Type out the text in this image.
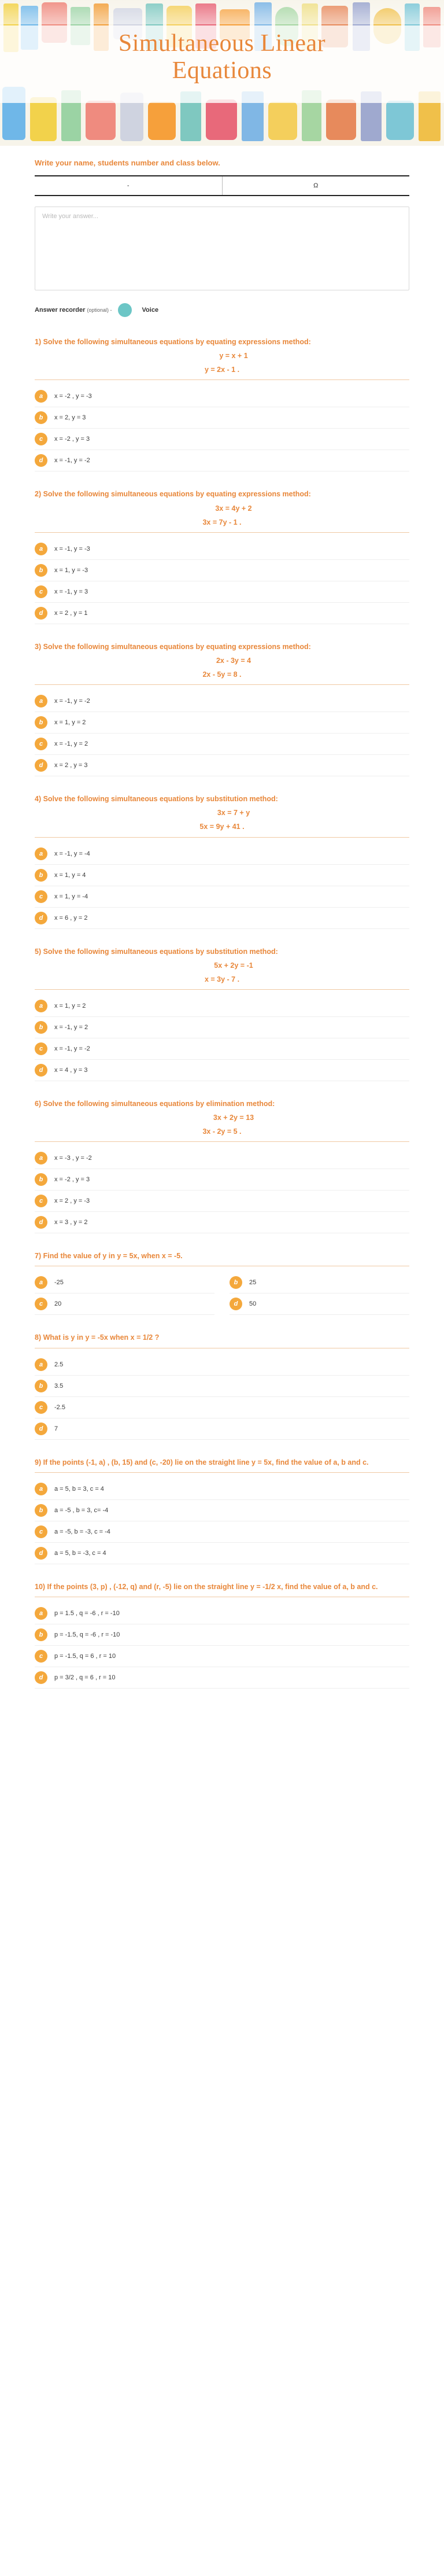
Simultaneous Linear
Equations
Write your name, students number and class below.
-	Ω
Write your answer...
Answer recorder (optional) -	Voice
1) Solve the following simultaneous equations by equating expressions method:
y = x + 1
y = 2x - 1 .
a	x = -2 , y = -3
b	x = 2, y = 3
c	x = -2 , y = 3
d	x = -1, y = -2
2) Solve the following simultaneous equations by equating expressions method:
3x = 4y + 2
3x = 7y - 1 .
a	x = -1, y = -3
b	x = 1, y = -3
c	x = -1, y = 3
d	x = 2 , y = 1
3) Solve the following simultaneous equations by equating expressions method:
2x - 3y = 4
2x - 5y = 8 .
a	x = -1, y = -2
b	x = 1, y = 2
c	x = -1, y = 2
d	x = 2 , y = 3
4) Solve the following simultaneous equations by substitution method:
3x = 7 + y
5x = 9y + 41 .
a	x = -1, y = -4
b	x = 1, y = 4
c	x = 1, y = -4
d	x = 6 , y = 2
5) Solve the following simultaneous equations by substitution method:
5x + 2y = -1
x = 3y - 7 .
a	x = 1, y = 2
b	x = -1, y = 2
c	x = -1, y = -2
d	x = 4 , y = 3
6) Solve the following simultaneous equations by elimination method:
3x + 2y = 13
3x - 2y = 5 .
a	x = -3 , y = -2
b	x = -2 , y = 3
c	x = 2 , y = -3
d	x = 3 , y = 2
7) Find the value of y in y = 5x, when x = -5.
a	-25	b	25
c	20	d	50
8) What is y in y = -5x when x = 1/2 ?
a	2.5
b	3.5
c	-2.5
d	7
9) If the points (-1, a) , (b, 15) and (c, -20) lie on the straight line y = 5x, find the value of a, b and c.
a	a = 5, b = 3, c = 4
b	a = -5 , b = 3, c= -4
c	a = -5, b = -3, c = -4
d	a = 5, b = -3, c = 4
10) If the points (3, p) , (-12, q) and (r, -5) lie on the straight line y = -1/2 x, find the value of a, b and c.
a	p = 1.5 , q = -6 , r = -10
b	p = -1.5, q = -6 , r = -10
c	p = -1.5, q = 6 , r = 10
d	p = 3/2 , q = 6 , r = 10
